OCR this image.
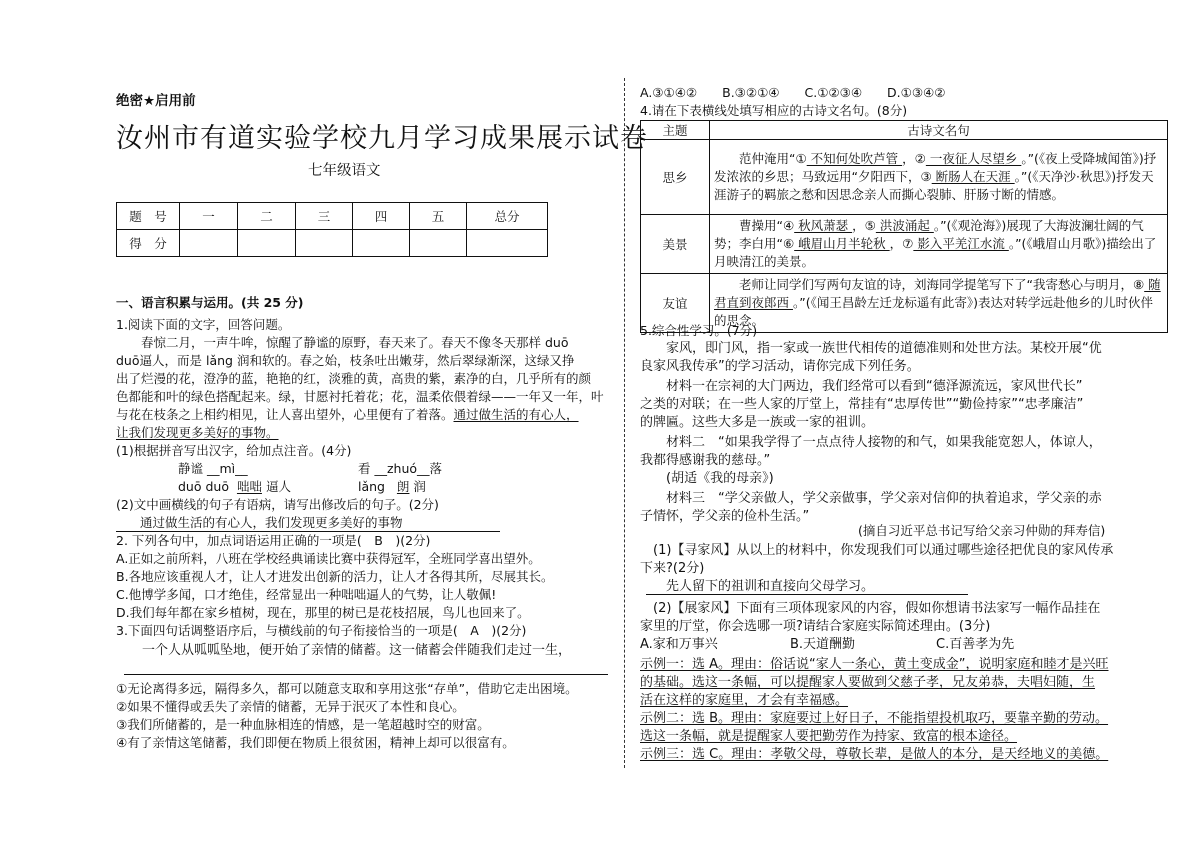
绝密★启用前
汝州市有道实验学校九月学习成果展示试卷
七年级语文
题　号	一	二	三	四	五	总分
得　分						
一、语言积累与运用。(共 25 分)
1.阅读下面的文字，回答问题。
　　春惊二月，一声牛哞，惊醒了静谧的原野，春天来了。春天不像冬天那样 duō
duō逼人，而是 lǎng 润和软的。春之始，枝条吐出嫩芽，然后翠绿渐深，这绿又挣
出了烂漫的花，澄净的蓝，艳艳的红，淡雅的黄，高贵的紫，素净的白，几乎所有的颜
色都能和叶的绿色搭配起来。绿，甘愿衬托着花；花，温柔依偎着绿——一年又一年，叶
与花在枝条之上相约相见，让人喜出望外，心里便有了着落。通过做生活的有心人，
让我们发现更多美好的事物。
(1)根据拼音写出汉字，给加点注音。(4分)
静谧 __mì__	看 __zhuó__落
duō duō 咄咄 逼人	lǎng 朗 润
(2)文中画横线的句子有语病，请写出修改后的句子。(2分)
通过做生活的有心人，我们发现更多美好的事物
2. 下列各句中，加点词语运用正确的一项是(　B　)(2分)
A.正如之前所料，八班在学校经典诵读比赛中获得冠军，全班同学喜出望外。
B.各地应该重视人才，让人才进发出创新的活力，让人才各得其所，尽展其长。
C.他博学多闻，口才绝佳，经常显出一种咄咄逼人的气势，让人敬佩!
D.我们每年都在家乡植树，现在，那里的树已是花枝招展，鸟儿也回来了。
3.下面四句话调整语序后，与横线前的句子衔接恰当的一项是(　A　)(2分)
　　一个人从呱呱坠地，便开始了亲情的储蓄。这一储蓄会伴随我们走过一生，
①无论离得多远，隔得多久，都可以随意支取和享用这张“存单”，借助它走出困境。
②如果不懂得或丢失了亲情的储蓄，无异于泯灭了本性和良心。
③我们所储蓄的，是一种血脉相连的情感，是一笔超越时空的财富。
④有了亲情这笔储蓄，我们即便在物质上很贫困，精神上却可以很富有。
A.③①④②　　B.③②①④　　C.①②③④　　D.①③④②
4.请在下表横线处填写相应的古诗文名句。(8分)
主题	古诗文名句
思乡	　　范仲淹用“① 不知何处吹芦管 ，② 一夜征人尽望乡 。”(《夜上受降城闻笛》)抒发浓浓的乡思；马致远用“夕阳西下，③ 断肠人在天涯 。”(《天净沙·秋思》)抒发天涯游子的羁旅之愁和因思念亲人而撕心裂肺、肝肠寸断的情感。
美景	　　曹操用“④ 秋风萧瑟 ，⑤ 洪波涌起 。”(《观沧海》)展现了大海波澜壮阔的气势；李白用“⑥ 峨眉山月半轮秋 ，⑦ 影入平羌江水流 。”(《峨眉山月歌》)描绘出了月映清江的美景。
友谊	　　老师让同学们写两句友谊的诗，刘海同学提笔写下了“我寄愁心与明月，⑧ 随君直到夜郎西 。”(《闻王昌龄左迁龙标遥有此寄》)表达对转学远赴他乡的儿时伙伴的思念。
5.综合性学习。(7分)
　　家风，即门风，指一家或一族世代相传的道德准则和处世方法。某校开展“优
良家风我传承”的学习活动，请你完成下列任务。
　　材料一在宗祠的大门两边，我们经常可以看到“德泽源流远，家风世代长”
之类的对联；在一些人家的厅堂上，常挂有“忠厚传世”“勤俭持家”“忠孝廉洁”
的牌匾。这些大多是一族或一家的祖训。
　　材料二　“如果我学得了一点点待人接物的和气，如果我能宽恕人，体谅人，
我都得感谢我的慈母。”
　　(胡适《我的母亲》)
　　材料三　“学父亲做人，学父亲做事，学父亲对信仰的执着追求，学父亲的赤
子情怀，学父亲的俭朴生活。”
(摘自习近平总书记写给父亲习仲勋的拜寿信)
　(1)【寻家风】从以上的材料中，你发现我们可以通过哪些途径把优良的家风传承
下来?(2分)
　　先人留下的祖训和直接向父母学习。
　(2)【展家风】下面有三项体现家风的内容，假如你想请书法家写一幅作品挂在
家里的厅堂，你会选哪一项?请结合家庭实际简述理由。(3分)
A.家和万事兴	B.天道酬勤	C.百善孝为先
示例一：选 A。理由：俗话说“家人一条心，黄土变成金”，说明家庭和睦才是兴旺
的基础。选这一条幅，可以提醒家人要做到父慈子孝，兄友弟恭，夫唱妇随，生
活在这样的家庭里，才会有幸福感。
示例二：选 B。理由：家庭要过上好日子，不能指望投机取巧，要靠辛勤的劳动。
选这一条幅，就是提醒家人要把勤劳作为持家、致富的根本途径。
示例三：选 C。理由：孝敬父母，尊敬长辈，是做人的本分，是天经地义的美德。
